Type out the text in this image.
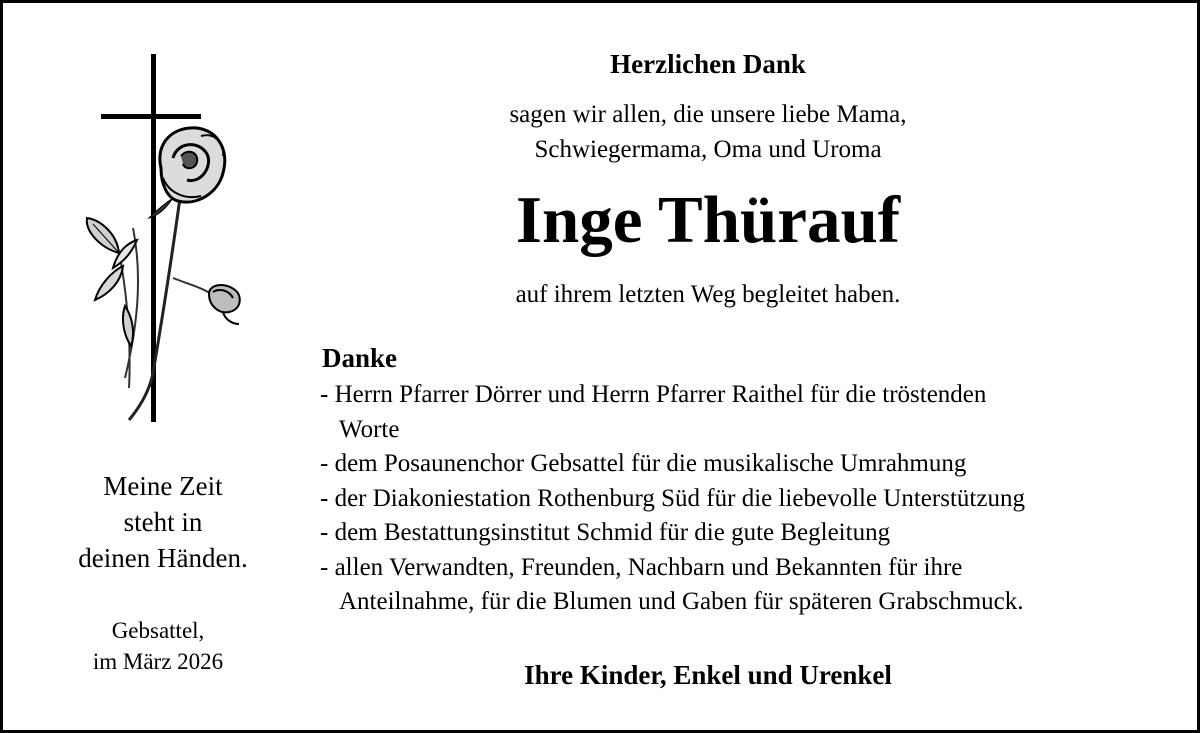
Meine Zeit
steht in
deinen Händen.
Gebsattel,
im März 2026
Herzlichen Dank
sagen wir allen, die unsere liebe Mama,
Schwiegermama, Oma und Uroma
Inge Thürauf
auf ihrem letzten Weg begleitet haben.
Danke
- Herrn Pfarrer Dörrer und Herrn Pfarrer Raithel für die tröstenden
Worte
- dem Posaunenchor Gebsattel für die musikalische Umrahmung
- der Diakoniestation Rothenburg Süd für die liebevolle Unterstützung
- dem Bestattungsinstitut Schmid für die gute Begleitung
- allen Verwandten, Freunden, Nachbarn und Bekannten für ihre
Anteilnahme, für die Blumen und Gaben für späteren Grabschmuck.
Ihre Kinder, Enkel und Urenkel
